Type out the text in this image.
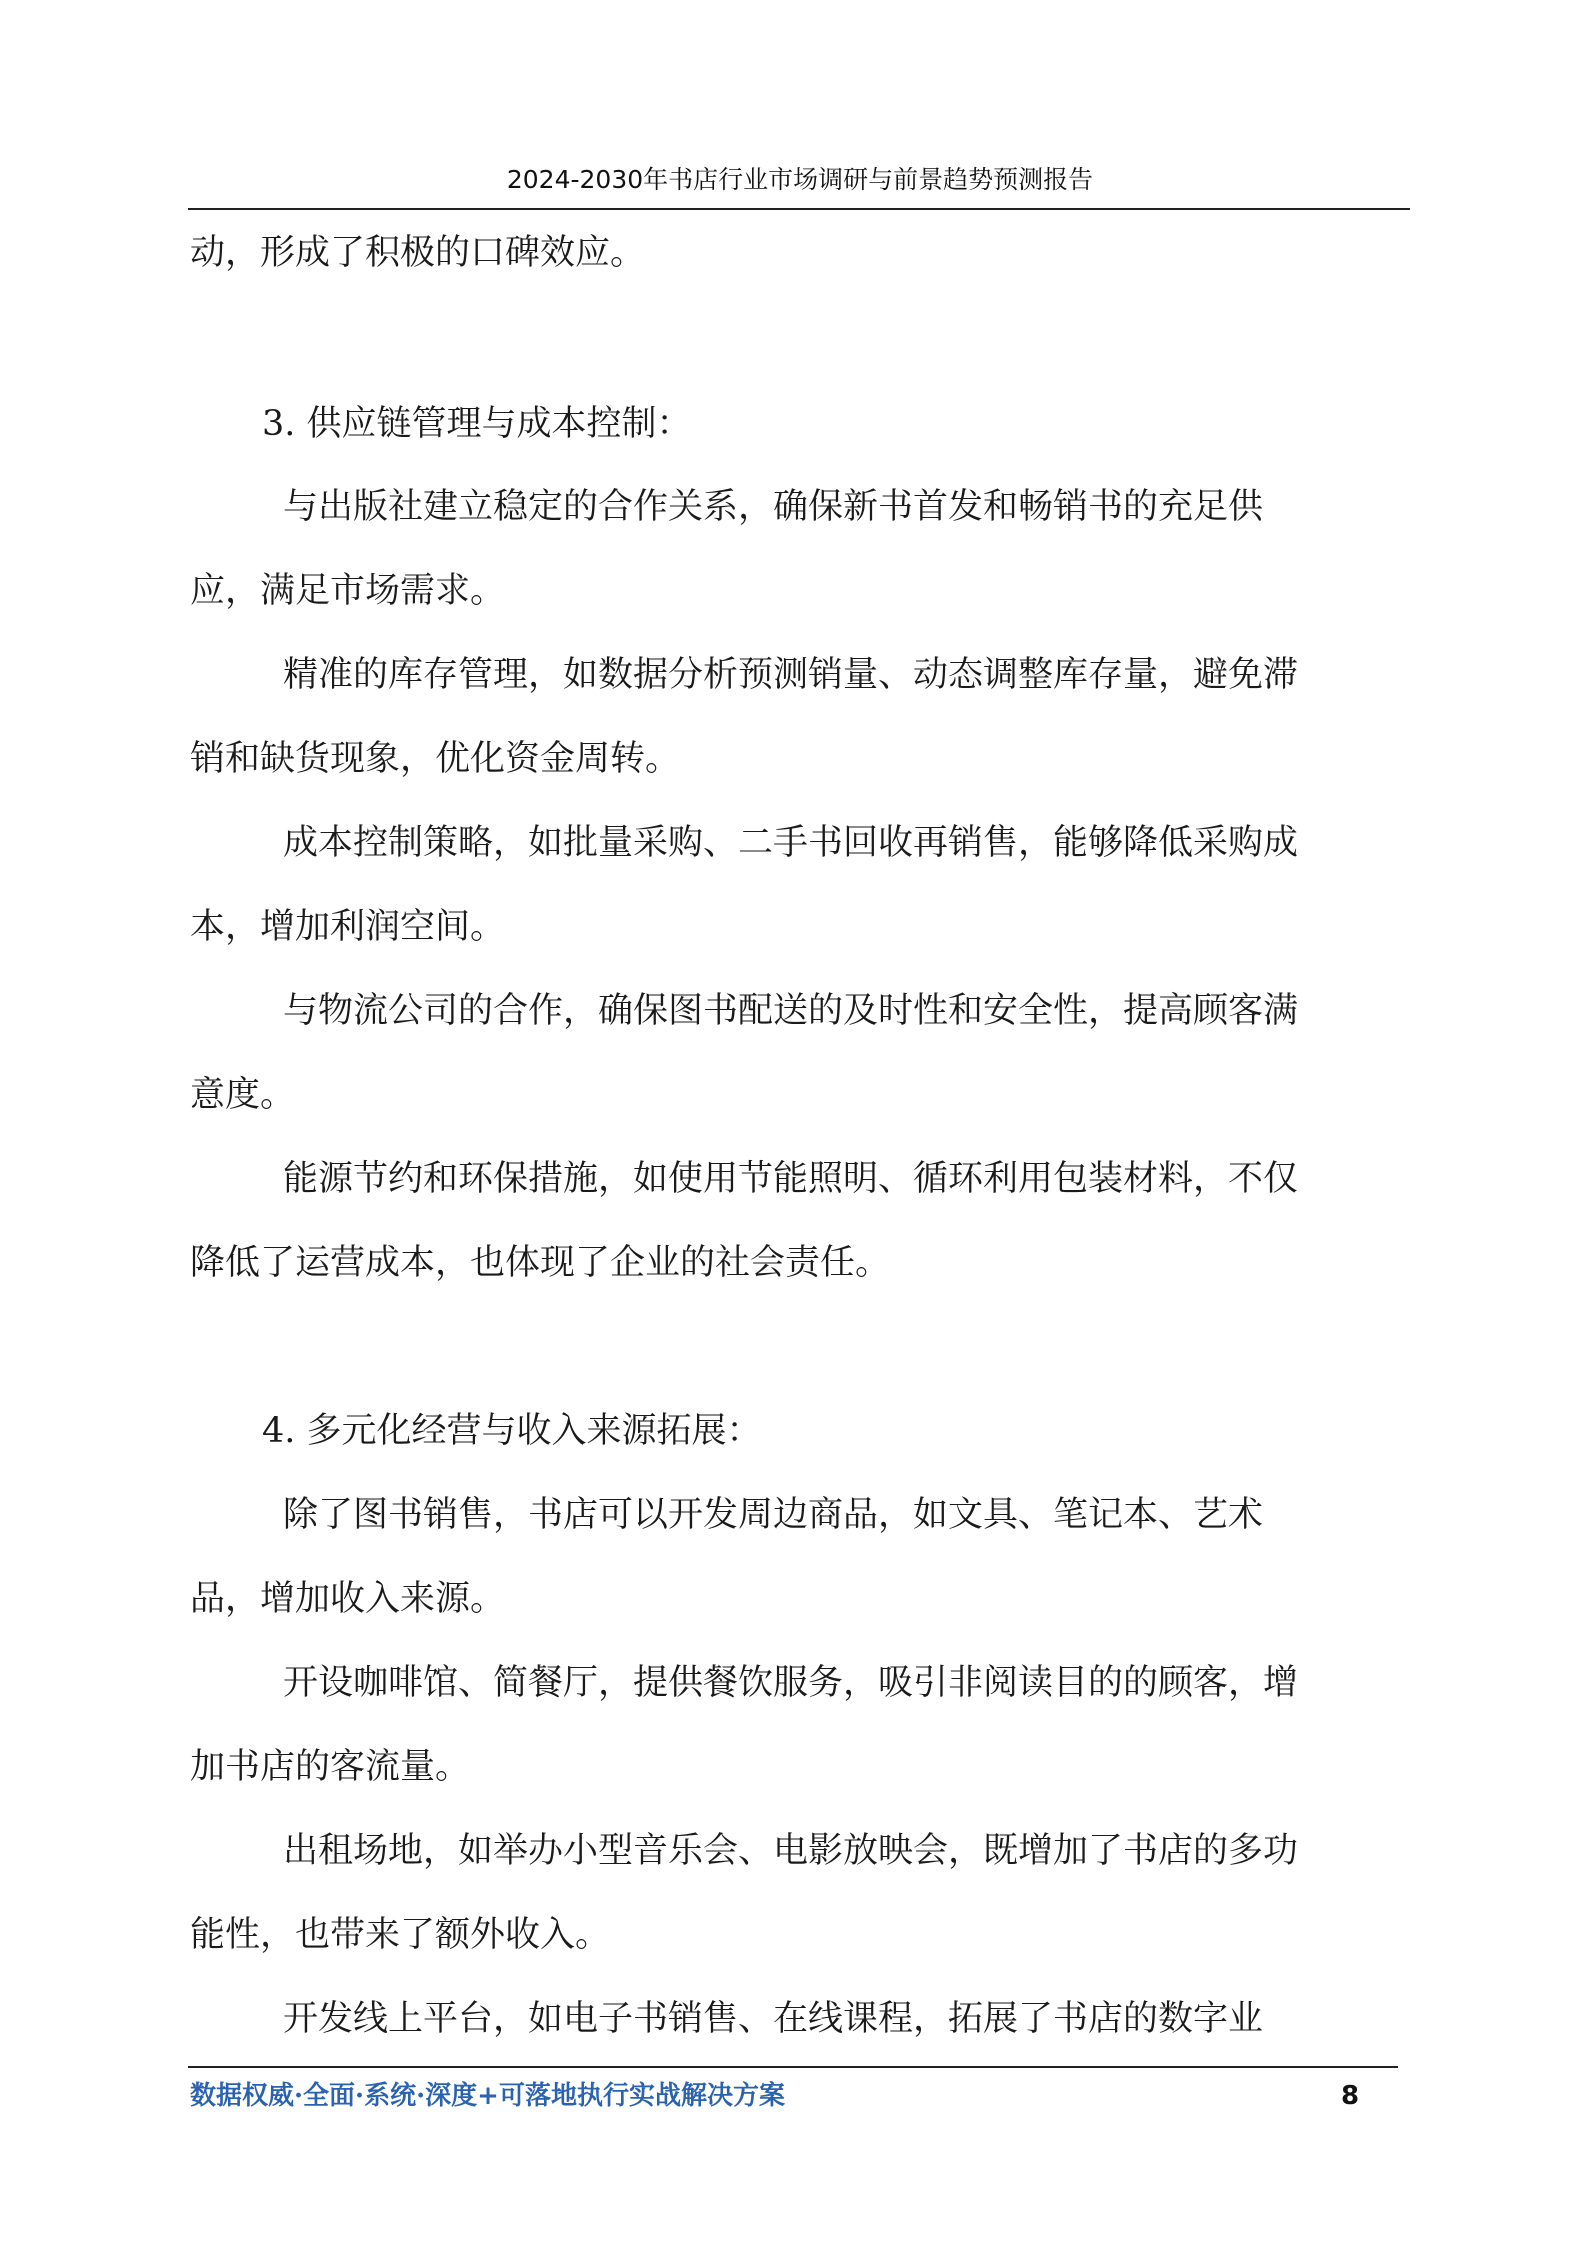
2024-2030年书店行业市场调研与前景趋势预测报告
动，形成了积极的口碑效应。
3. 供应链管理与成本控制：
与出版社建立稳定的合作关系，确保新书首发和畅销书的充足供
应，满足市场需求。
精准的库存管理，如数据分析预测销量、动态调整库存量，避免滞
销和缺货现象，优化资金周转。
成本控制策略，如批量采购、二手书回收再销售，能够降低采购成
本，增加利润空间。
与物流公司的合作，确保图书配送的及时性和安全性，提高顾客满
意度。
能源节约和环保措施，如使用节能照明、循环利用包装材料，不仅
降低了运营成本，也体现了企业的社会责任。
4. 多元化经营与收入来源拓展：
除了图书销售，书店可以开发周边商品，如文具、笔记本、艺术
品，增加收入来源。
开设咖啡馆、简餐厅，提供餐饮服务，吸引非阅读目的的顾客，增
加书店的客流量。
出租场地，如举办小型音乐会、电影放映会，既增加了书店的多功
能性，也带来了额外收入。
开发线上平台，如电子书销售、在线课程，拓展了书店的数字业
数据权威·全面·系统·深度+可落地执行实战解决方案	8
